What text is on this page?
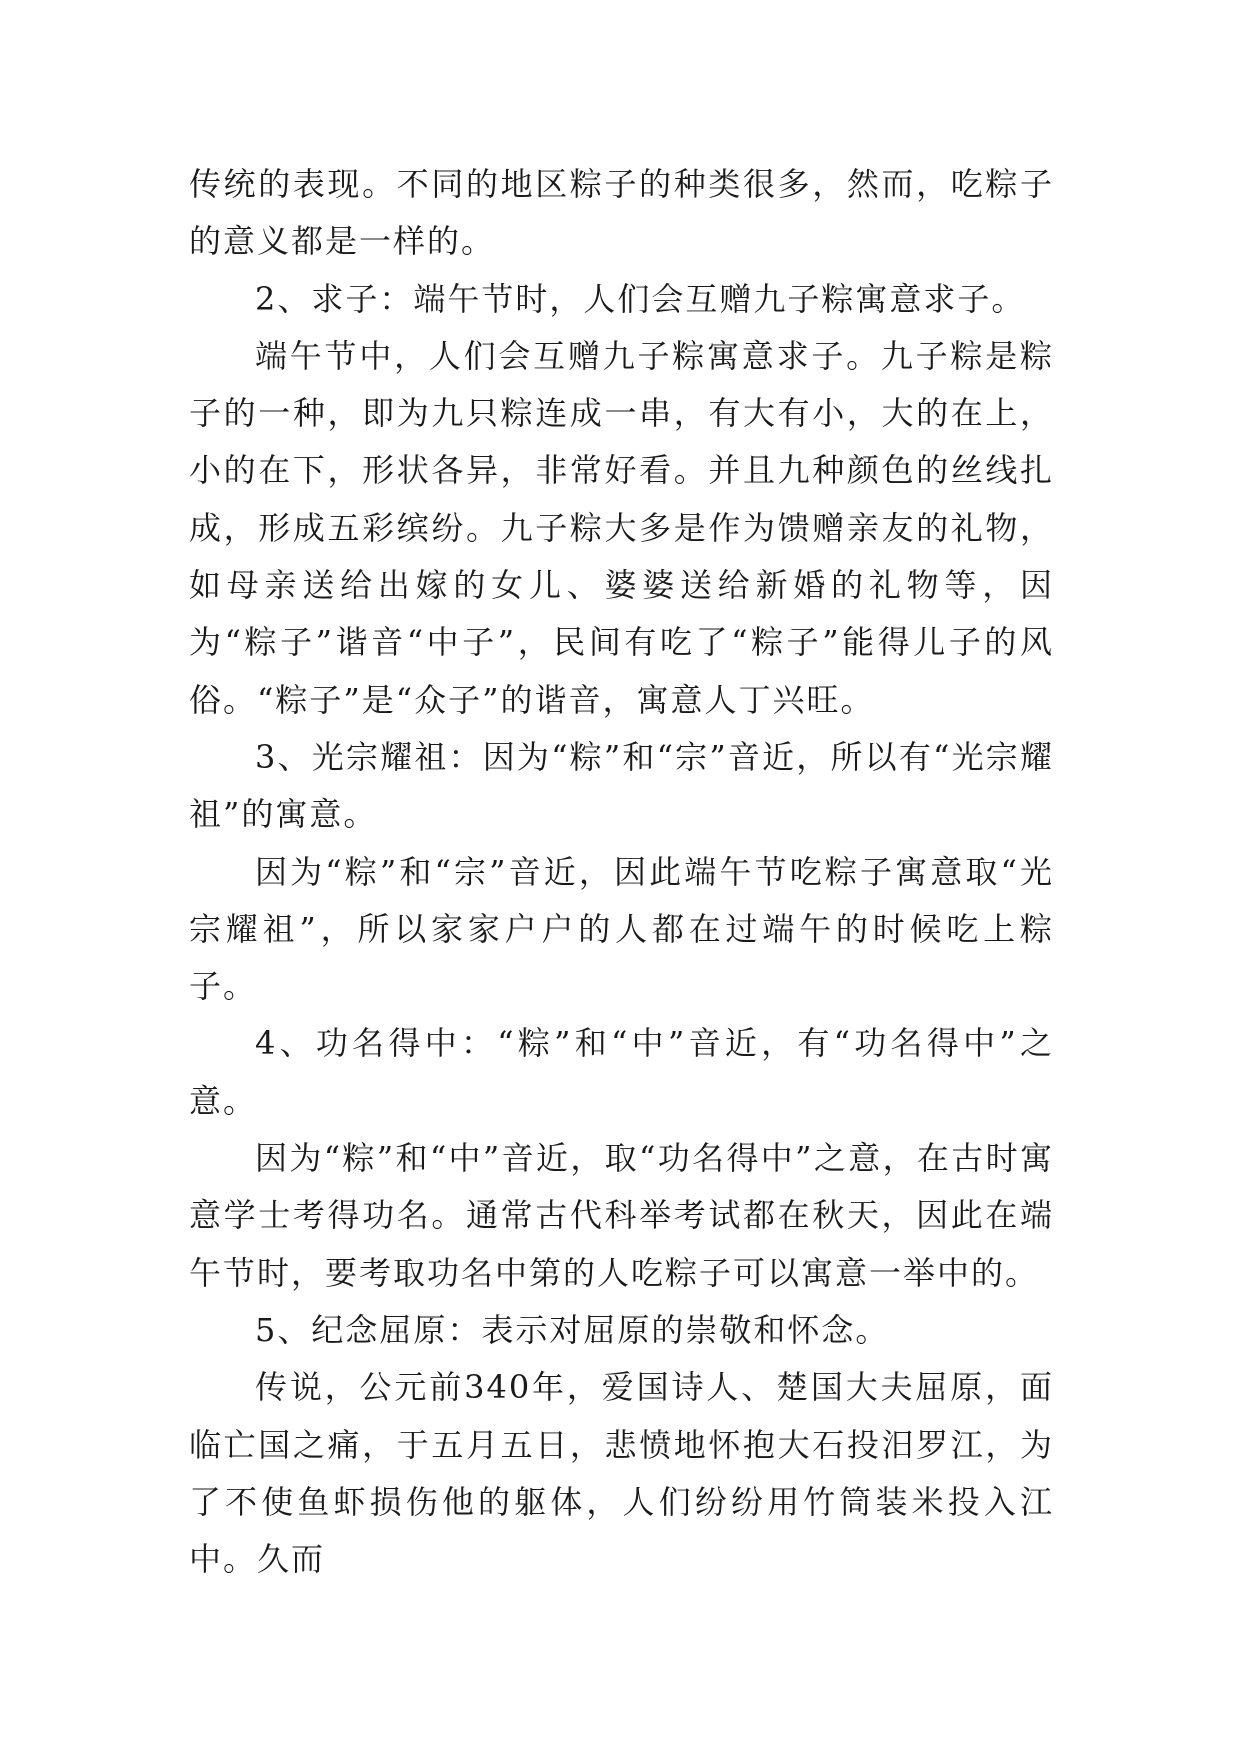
传统的表现。不同的地区粽子的种类很多，然而，吃粽子的意义都是一样的。

2、求子：端午节时，人们会互赠九子粽寓意求子。

端午节中，人们会互赠九子粽寓意求子。九子粽是粽子的一种，即为九只粽连成一串，有大有小，大的在上，小的在下，形状各异，非常好看。并且九种颜色的丝线扎成，形成五彩缤纷。九子粽大多是作为馈赠亲友的礼物，如母亲送给出嫁的女儿、婆婆送给新婚的礼物等，因为“粽子”谐音“中子”，民间有吃了“粽子”能得儿子的风俗。“粽子”是“众子”的谐音，寓意人丁兴旺。

3、光宗耀祖：因为“粽”和“宗”音近，所以有“光宗耀祖”的寓意。

因为“粽”和“宗”音近，因此端午节吃粽子寓意取“光宗耀祖”，所以家家户户的人都在过端午的时候吃上粽子。

4、功名得中：“粽”和“中”音近，有“功名得中”之意。

因为“粽”和“中”音近，取“功名得中”之意，在古时寓意学士考得功名。通常古代科举考试都在秋天，因此在端午节时，要考取功名中第的人吃粽子可以寓意一举中的。

5、纪念屈原：表示对屈原的崇敬和怀念。

传说，公元前340年，爱国诗人、楚国大夫屈原，面临亡国之痛，于五月五日，悲愤地怀抱大石投汨罗江，为了不使鱼虾损伤他的躯体，人们纷纷用竹筒装米投入江中。久而
